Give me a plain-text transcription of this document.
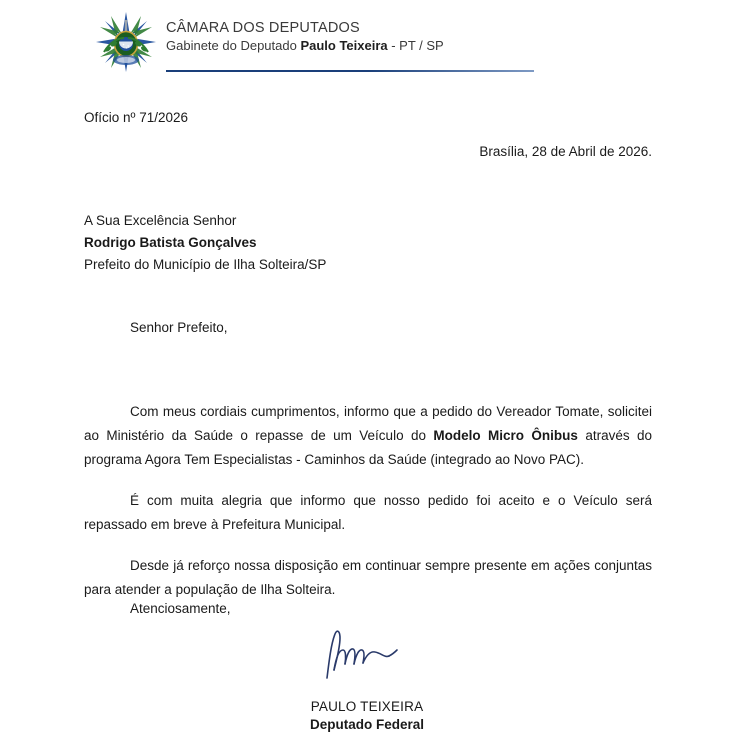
CÂMARA DOS DEPUTADOS
Gabinete do Deputado Paulo Teixeira - PT / SP
Ofício nº 71/2026
Brasília, 28 de Abril de 2026.
A Sua Excelência Senhor
Rodrigo Batista Gonçalves
Prefeito do Município de Ilha Solteira/SP
Senhor Prefeito,

Com meus cordiais cumprimentos, informo que a pedido do Vereador Tomate, solicitei ao Ministério da Saúde o repasse de um Veículo do Modelo Micro Ônibus através do programa Agora Tem Especialistas - Caminhos da Saúde (integrado ao Novo PAC).

É com muita alegria que informo que nosso pedido foi aceito e o Veículo será repassado em breve à Prefeitura Municipal.

Desde já reforço nossa disposição em continuar sempre presente em ações conjuntas para atender a população de Ilha Solteira.

Atenciosamente,
PAULO TEIXEIRA
Deputado Federal
